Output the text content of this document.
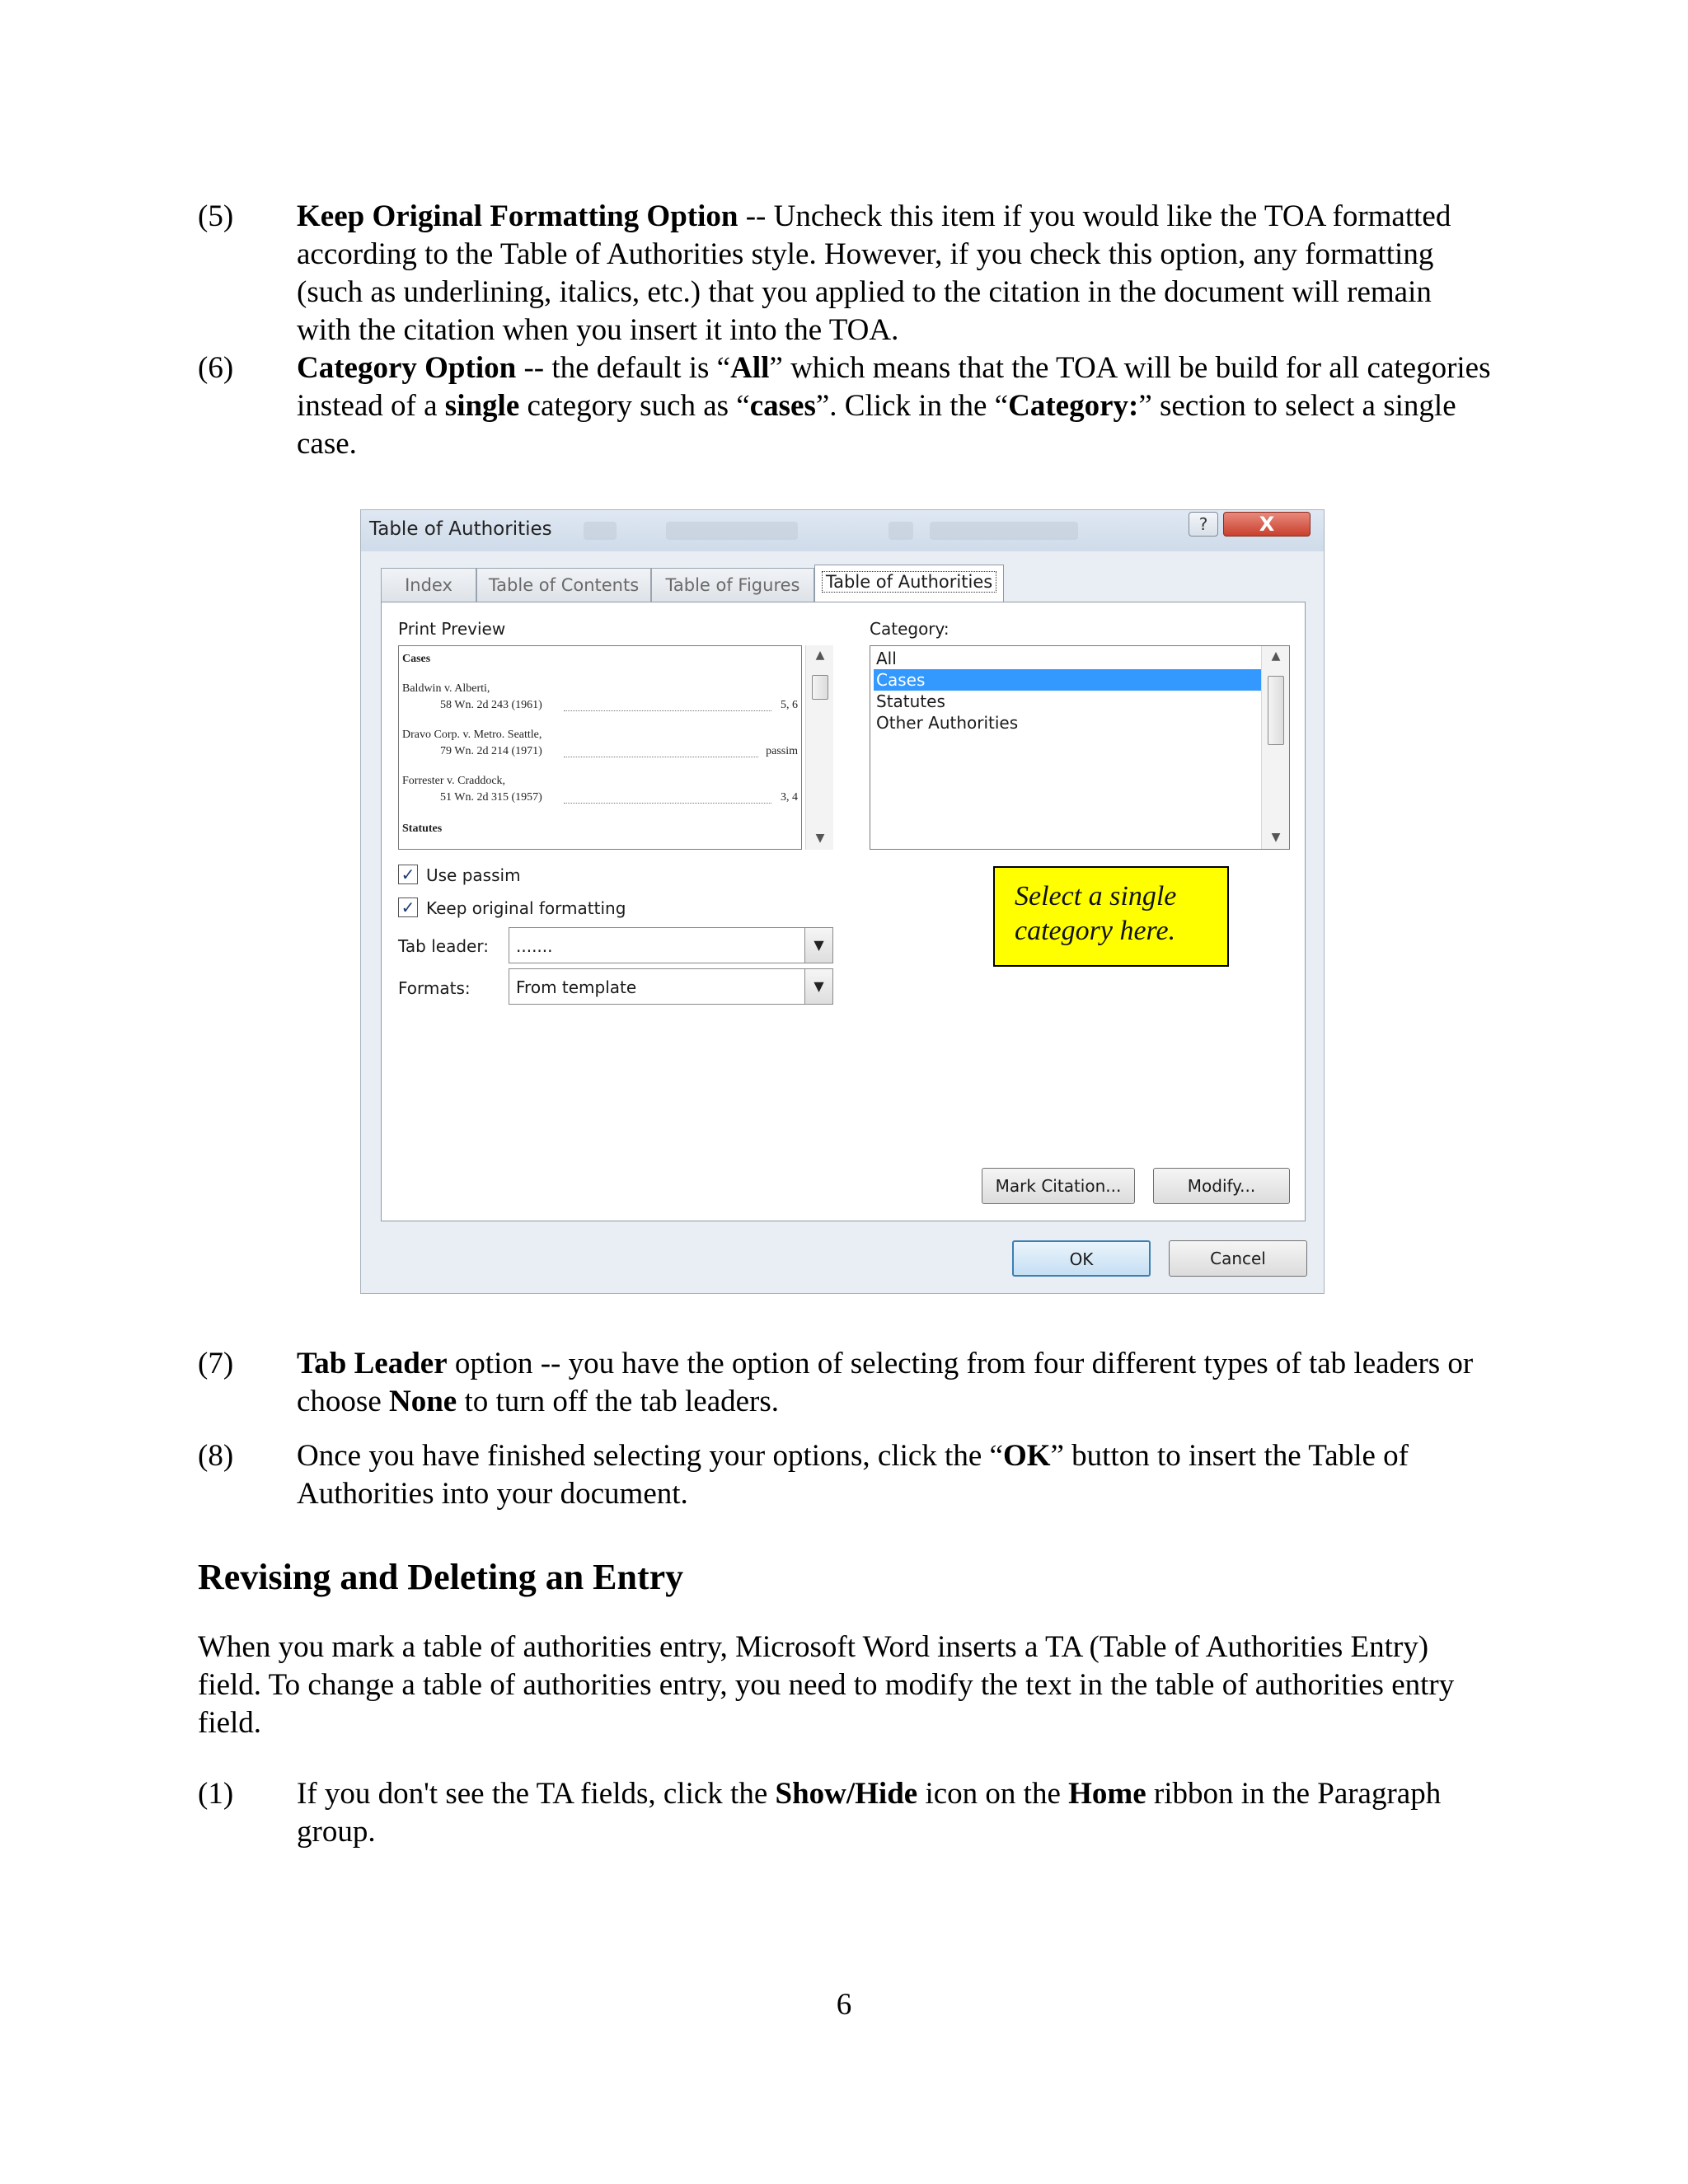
(5) Keep Original Formatting Option -- Uncheck this item if you would like the TOA formatted according to the Table of Authorities style. However, if you check this option, any formatting (such as underlining, italics, etc.) that you applied to the citation in the document will remain with the citation when you insert it into the TOA.
(6) Category Option -- the default is “All” which means that the TOA will be build for all categories instead of a single category such as “cases”. Click in the “Category:” section to select a single case.
Table of Authorities	?	X
Index	Table of Contents	Table of Figures	Table of Authorities
Print Preview
Cases
Baldwin v. Alberti,
58 Wn. 2d 243 (1961)	5, 6
Dravo Corp. v. Metro. Seattle,
79 Wn. 2d 214 (1971)	passim
Forrester v. Craddock,
51 Wn. 2d 315 (1957)	3, 4
Statutes
▲
▼
Category:
All
Cases
Statutes
Other Authorities
▲
▼
Select a single category here.
✓ Use passim
✓ Keep original formatting
Tab leader: .......	▼
Formats:	From template	▼
Mark Citation...	Modify...
OK	Cancel
(7) Tab Leader option -- you have the option of selecting from four different types of tab leaders or choose None to turn off the tab leaders.
(8) Once you have finished selecting your options, click the “OK” button to insert the Table of Authorities into your document.
Revising and Deleting an Entry
When you mark a table of authorities entry, Microsoft Word inserts a TA (Table of Authorities Entry) field. To change a table of authorities entry, you need to modify the text in the table of authorities entry field.
(1) If you don't see the TA fields, click the Show/Hide icon on the Home ribbon in the Paragraph group.
6
